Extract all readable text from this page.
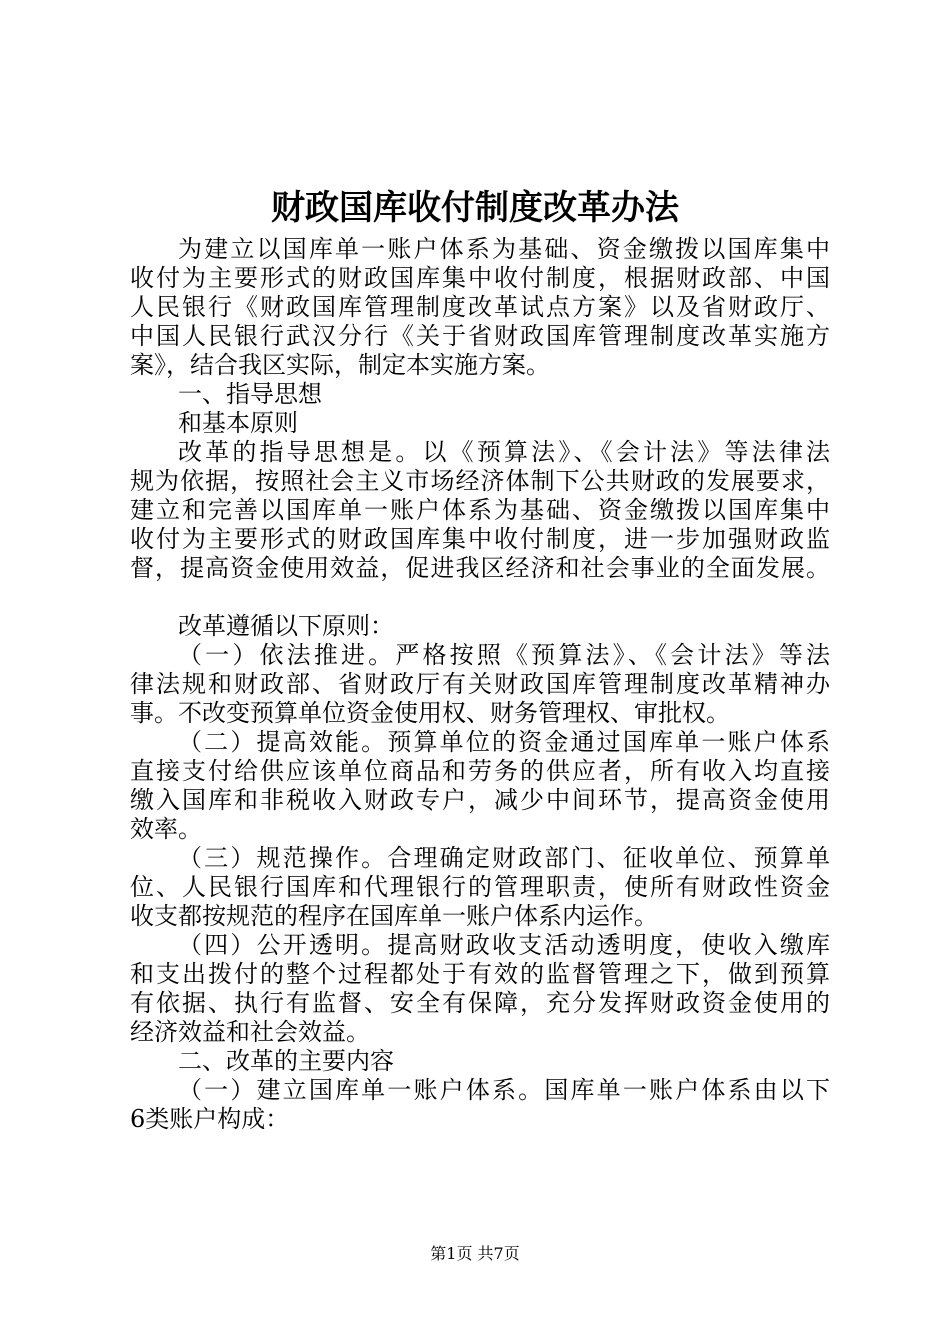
财政国库收付制度改革办法
为建立以国库单一账户体系为基础、资金缴拨以国库集中
收付为主要形式的财政国库集中收付制度，根据财政部、中国
人民银行《财政国库管理制度改革试点方案》以及省财政厅、
中国人民银行武汉分行《关于省财政国库管理制度改革实施方
案》，结合我区实际，制定本实施方案。
一、指导思想
和基本原则
改革的指导思想是。以《预算法》、《会计法》等法律法
规为依据，按照社会主义市场经济体制下公共财政的发展要求，
建立和完善以国库单一账户体系为基础、资金缴拨以国库集中
收付为主要形式的财政国库集中收付制度，进一步加强财政监
督，提高资金使用效益，促进我区经济和社会事业的全面发展。
改革遵循以下原则：
（一）依法推进。严格按照《预算法》、《会计法》等法
律法规和财政部、省财政厅有关财政国库管理制度改革精神办
事。不改变预算单位资金使用权、财务管理权、审批权。
（二）提高效能。预算单位的资金通过国库单一账户体系
直接支付给供应该单位商品和劳务的供应者，所有收入均直接
缴入国库和非税收入财政专户，减少中间环节，提高资金使用
效率。
（三）规范操作。合理确定财政部门、征收单位、预算单
位、人民银行国库和代理银行的管理职责，使所有财政性资金
收支都按规范的程序在国库单一账户体系内运作。
（四）公开透明。提高财政收支活动透明度，使收入缴库
和支出拨付的整个过程都处于有效的监督管理之下，做到预算
有依据、执行有监督、安全有保障，充分发挥财政资金使用的
经济效益和社会效益。
二、改革的主要内容
（一）建立国库单一账户体系。国库单一账户体系由以下
6类账户构成：
第1页 共7页
